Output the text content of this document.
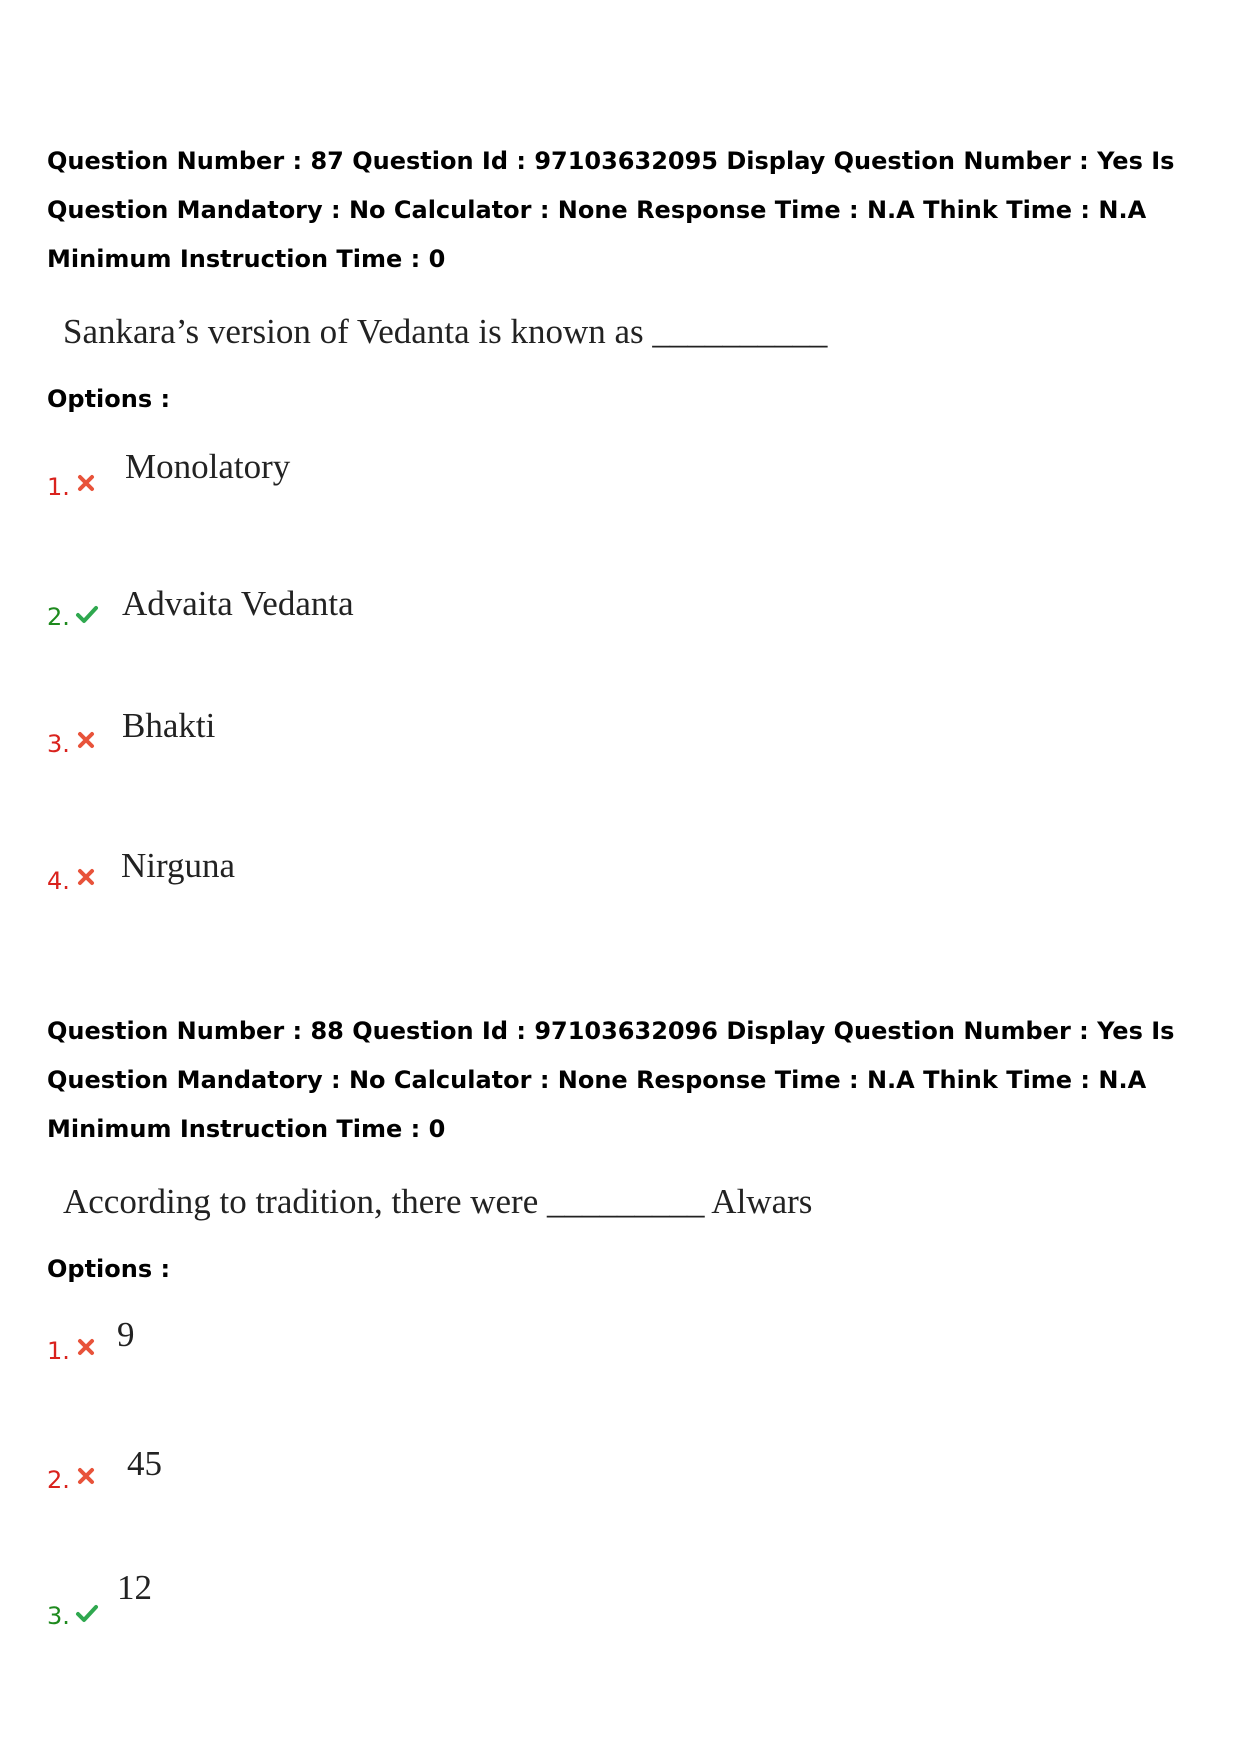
Question Number : 87 Question Id : 97103632095 Display Question Number : Yes Is Question Mandatory : No Calculator : None Response Time : N.A Think Time : N.A Minimum Instruction Time : 0

Sankara’s version of Vedanta is known as __________
Options :
1.
Monolatory
2. Advaita Vedanta
3. Bhakti
4. Nirguna

Question Number : 88 Question Id : 97103632096 Display Question Number : Yes Is Question Mandatory : No Calculator : None Response Time : N.A Think Time : N.A Minimum Instruction Time : 0

According to tradition, there were _________ Alwars
Options :
1. 9
2. 45
3.
12
